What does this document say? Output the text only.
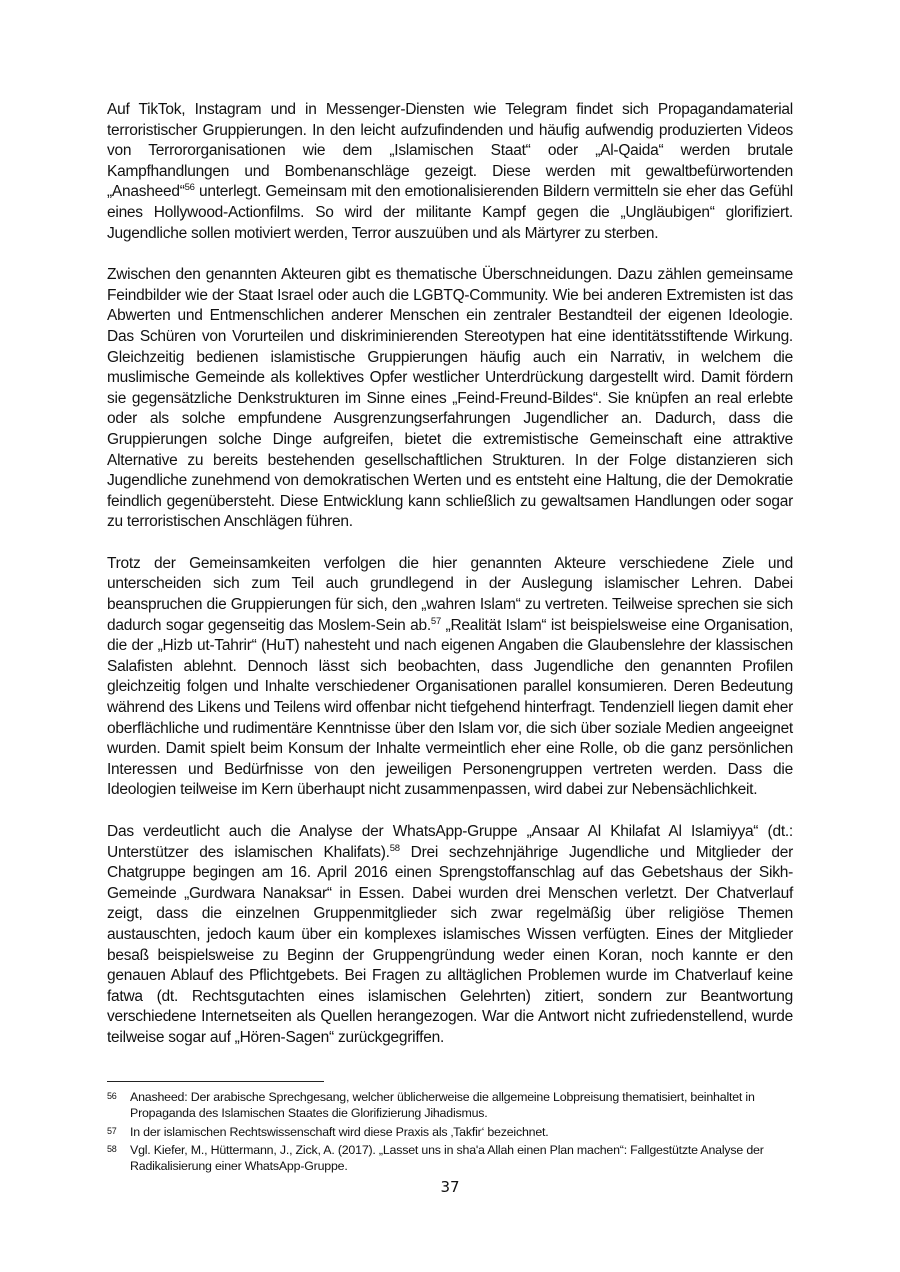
Auf TikTok, Instagram und in Messenger-Diensten wie Telegram findet sich Propagandamaterial terroristischer Gruppierungen. In den leicht aufzufindenden und häufig aufwendig produzierten Videos von Terrororganisationen wie dem „Islamischen Staat“ oder „Al-Qaida“ werden brutale Kampfhandlungen und Bombenanschläge gezeigt. Diese werden mit gewaltbefürwortenden „Anasheed“$^{56}$ unterlegt. Gemeinsam mit den emotionalisierenden Bildern vermitteln sie eher das Gefühl eines Hollywood-Actionfilms. So wird der militante Kampf gegen die „Ungläubigen“ glorifiziert. Jugendliche sollen motiviert werden, Terror auszuüben und als Märtyrer zu sterben.

Zwischen den genannten Akteuren gibt es thematische Überschneidungen. Dazu zählen gemeinsame Feindbilder wie der Staat Israel oder auch die LGBTQ-Community. Wie bei anderen Extremisten ist das Abwerten und Entmenschlichen anderer Menschen ein zentraler Bestandteil der eigenen Ideologie. Das Schüren von Vorurteilen und diskriminierenden Stereotypen hat eine identitätsstiftende Wirkung. Gleichzeitig bedienen islamistische Gruppierungen häufig auch ein Narrativ, in welchem die muslimische Gemeinde als kollektives Opfer westlicher Unterdrückung dargestellt wird. Damit fördern sie gegensätzliche Denkstrukturen im Sinne eines „Feind-Freund-Bildes“. Sie knüpfen an real erlebte oder als solche empfundene Ausgrenzungserfahrungen Jugendlicher an. Dadurch, dass die Gruppierungen solche Dinge aufgreifen, bietet die extremistische Gemeinschaft eine attraktive Alternative zu bereits bestehenden gesellschaftlichen Strukturen. In der Folge distanzieren sich Jugendliche zunehmend von demokratischen Werten und es entsteht eine Haltung, die der Demokratie feindlich gegenübersteht. Diese Entwicklung kann schließlich zu gewaltsamen Handlungen oder sogar zu terroristischen Anschlägen führen.

Trotz der Gemeinsamkeiten verfolgen die hier genannten Akteure verschiedene Ziele und unterscheiden sich zum Teil auch grundlegend in der Auslegung islamischer Lehren. Dabei beanspruchen die Gruppierungen für sich, den „wahren Islam“ zu vertreten. Teilweise sprechen sie sich dadurch sogar gegenseitig das Moslem-Sein ab.$^{57}$ „Realität Islam“ ist beispielsweise eine Organisation, die der „Hizb ut-Tahrir“ (HuT) nahesteht und nach eigenen Angaben die Glaubenslehre der klassischen Salafisten ablehnt. Dennoch lässt sich beobachten, dass Jugendliche den genannten Profilen gleichzeitig folgen und Inhalte verschiedener Organisationen parallel konsumieren. Deren Bedeutung während des Likens und Teilens wird offenbar nicht tiefgehend hinterfragt. Tendenziell liegen damit eher oberflächliche und rudimentäre Kenntnisse über den Islam vor, die sich über soziale Medien angeeignet wurden. Damit spielt beim Konsum der Inhalte vermeintlich eher eine Rolle, ob die ganz persönlichen Interessen und Bedürfnisse von den jeweiligen Personengruppen vertreten werden. Dass die Ideologien teilweise im Kern überhaupt nicht zusammenpassen, wird dabei zur Nebensächlichkeit.

Das verdeutlicht auch die Analyse der WhatsApp-Gruppe „Ansaar Al Khilafat Al Islamiyya“ (dt.: Unterstützer des islamischen Khalifats).$^{58}$ Drei sechzehnjährige Jugendliche und Mitglieder der Chatgruppe begingen am 16. April 2016 einen Sprengstoffanschlag auf das Gebetshaus der Sikh-Gemeinde „Gurdwara Nanaksar“ in Essen. Dabei wurden drei Menschen verletzt. Der Chatverlauf zeigt, dass die einzelnen Gruppenmitglieder sich zwar regelmäßig über religiöse Themen austauschten, jedoch kaum über ein komplexes islamisches Wissen verfügten. Eines der Mitglieder besaß beispielsweise zu Beginn der Gruppengründung weder einen Koran, noch kannte er den genauen Ablauf des Pflichtgebets. Bei Fragen zu alltäglichen Problemen wurde im Chatverlauf keine fatwa (dt. Rechtsgutachten eines islamischen Gelehrten) zitiert, sondern zur Beantwortung verschiedene Internetseiten als Quellen herangezogen. War die Antwort nicht zufriedenstellend, wurde teilweise sogar auf „Hören-Sagen“ zurückgegriffen.

56	Anasheed: Der arabische Sprechgesang, welcher üblicherweise die allgemeine Lobpreisung thematisiert, beinhaltet in Propaganda des Islamischen Staates die Glorifizierung Jihadismus.
57	In der islamischen Rechtswissenschaft wird diese Praxis als ‚Takfir‘ bezeichnet.
58	Vgl. Kiefer, M., Hüttermann, J., Zick, A. (2017). „Lasset uns in sha'a Allah einen Plan machen“: Fallgestützte Analyse der Radikalisierung einer WhatsApp-Gruppe.
37
